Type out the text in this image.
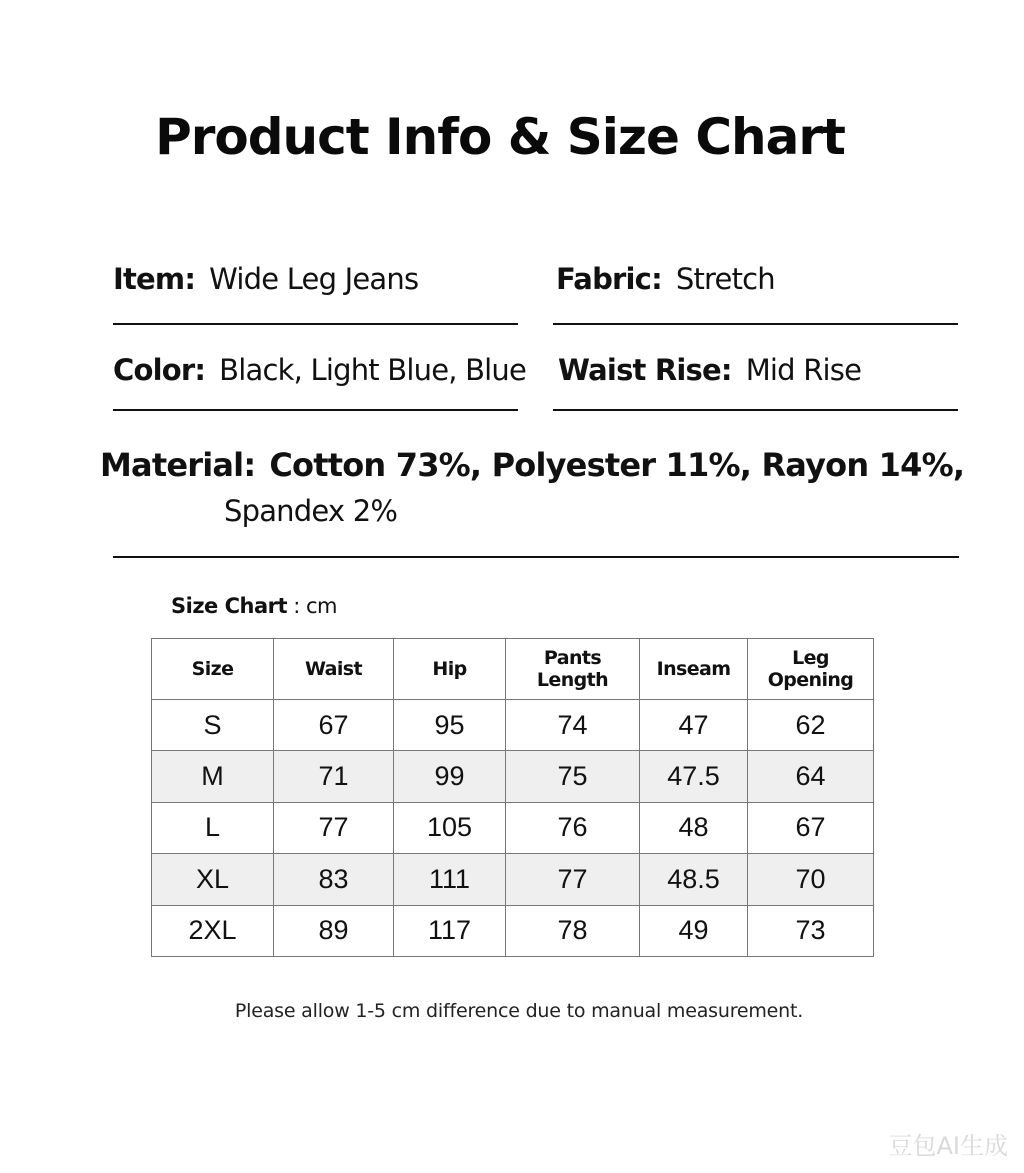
Product Info & Size Chart
Item: Wide Leg Jeans	Fabric: Stretch
Color: Black, Light Blue, Blue Waist Rise: Mid Rise
Material: Cotton 73%, Polyester 11%, Rayon 14%,
Spandex 2%
Size Chart : cm
Size	Waist	Hip	Pants Length	Inseam	Leg Opening
S	67	95	74	47	62
M	71	99	75	47.5	64
L	77	105	76	48	67
XL	83	111	77	48.5	70
2XL	89	117	78	49	73
Please allow 1-5 cm difference due to manual measurement.
豆包AI生成
